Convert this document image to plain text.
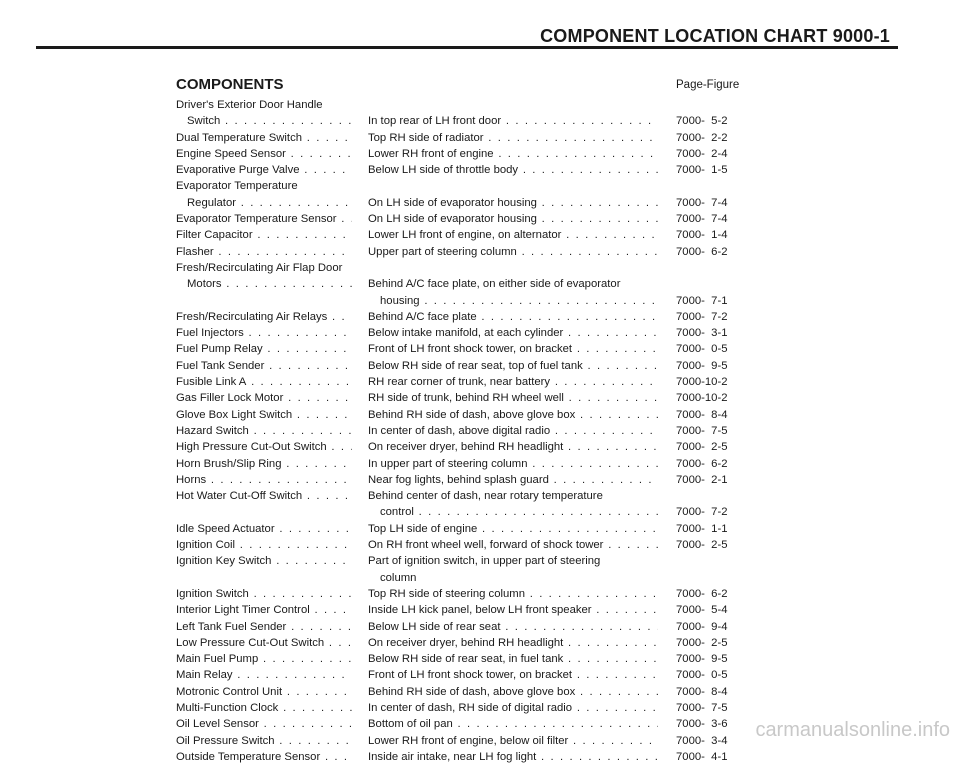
COMPONENT LOCATION CHART 9000-1
COMPONENTS	Page-Figure
Driver's Exterior Door Handle
Switch . . .	In top rear of LH front door . . .	7000-  5-2
Dual Temperature Switch . . .	Top RH side of radiator . . .	7000-  2-2
Engine Speed Sensor . . .	Lower RH front of engine . . .	7000-  2-4
Evaporative Purge Valve . . .	Below LH side of throttle body . . .	7000-  1-5
Evaporator Temperature
Regulator . . .	On LH side of evaporator housing . . .	7000-  7-4
Evaporator Temperature Sensor . . .	On LH side of evaporator housing . . .	7000-  7-4
Filter Capacitor . . .	Lower LH front of engine, on alternator . . .	7000-  1-4
Flasher . . .	Upper part of steering column . . .	7000-  6-2
Fresh/Recirculating Air Flap Door
Motors . . .	Behind A/C face plate, on either side of evaporator
housing . . .	7000-  7-1
Fresh/Recirculating Air Relays . . .	Behind A/C face plate . . .	7000-  7-2
Fuel Injectors . . .	Below intake manifold, at each cylinder . . .	7000-  3-1
Fuel Pump Relay . . .	Front of LH front shock tower, on bracket . . .	7000-  0-5
Fuel Tank Sender . . .	Below RH side of rear seat, top of fuel tank . . .	7000-  9-5
Fusible Link A . . .	RH rear corner of trunk, near battery . . .	7000-10-2
Gas Filler Lock Motor . . .	RH side of trunk, behind RH wheel well . . .	7000-10-2
Glove Box Light Switch . . .	Behind RH side of dash, above glove box . . .	7000-  8-4
Hazard Switch . . .	In center of dash, above digital radio . . .	7000-  7-5
High Pressure Cut-Out Switch . . .	On receiver dryer, behind RH headlight . . .	7000-  2-5
Horn Brush/Slip Ring . . .	In upper part of steering column . . .	7000-  6-2
Horns . . .	Near fog lights, behind splash guard . . .	7000-  2-1
Hot Water Cut-Off Switch . . .	Behind center of dash, near rotary temperature
control . . .	7000-  7-2
Idle Speed Actuator . . .	Top LH side of engine . . .	7000-  1-1
Ignition Coil . . .	On RH front wheel well, forward of shock tower . . .	7000-  2-5
Ignition Key Switch . . .	Part of ignition switch, in upper part of steering
column
Ignition Switch . . .	Top RH side of steering column . . .	7000-  6-2
Interior Light Timer Control . . .	Inside LH kick panel, below LH front speaker . . .	7000-  5-4
Left Tank Fuel Sender . . .	Below LH side of rear seat . . .	7000-  9-4
Low Pressure Cut-Out Switch . . .	On receiver dryer, behind RH headlight . . .	7000-  2-5
Main Fuel Pump . . .	Below RH side of rear seat, in fuel tank . . .	7000-  9-5
Main Relay . . .	Front of LH front shock tower, on bracket . . .	7000-  0-5
Motronic Control Unit . . .	Behind RH side of dash, above glove box . . .	7000-  8-4
Multi-Function Clock . . .	In center of dash, RH side of digital radio . . .	7000-  7-5
Oil Level Sensor . . .	Bottom of oil pan . . .	7000-  3-6
Oil Pressure Switch . . .	Lower RH front of engine, below oil filter . . .	7000-  3-4
Outside Temperature Sensor . . .	Inside air intake, near LH fog light . . .	7000-  4-1
carmanualsonline.info
